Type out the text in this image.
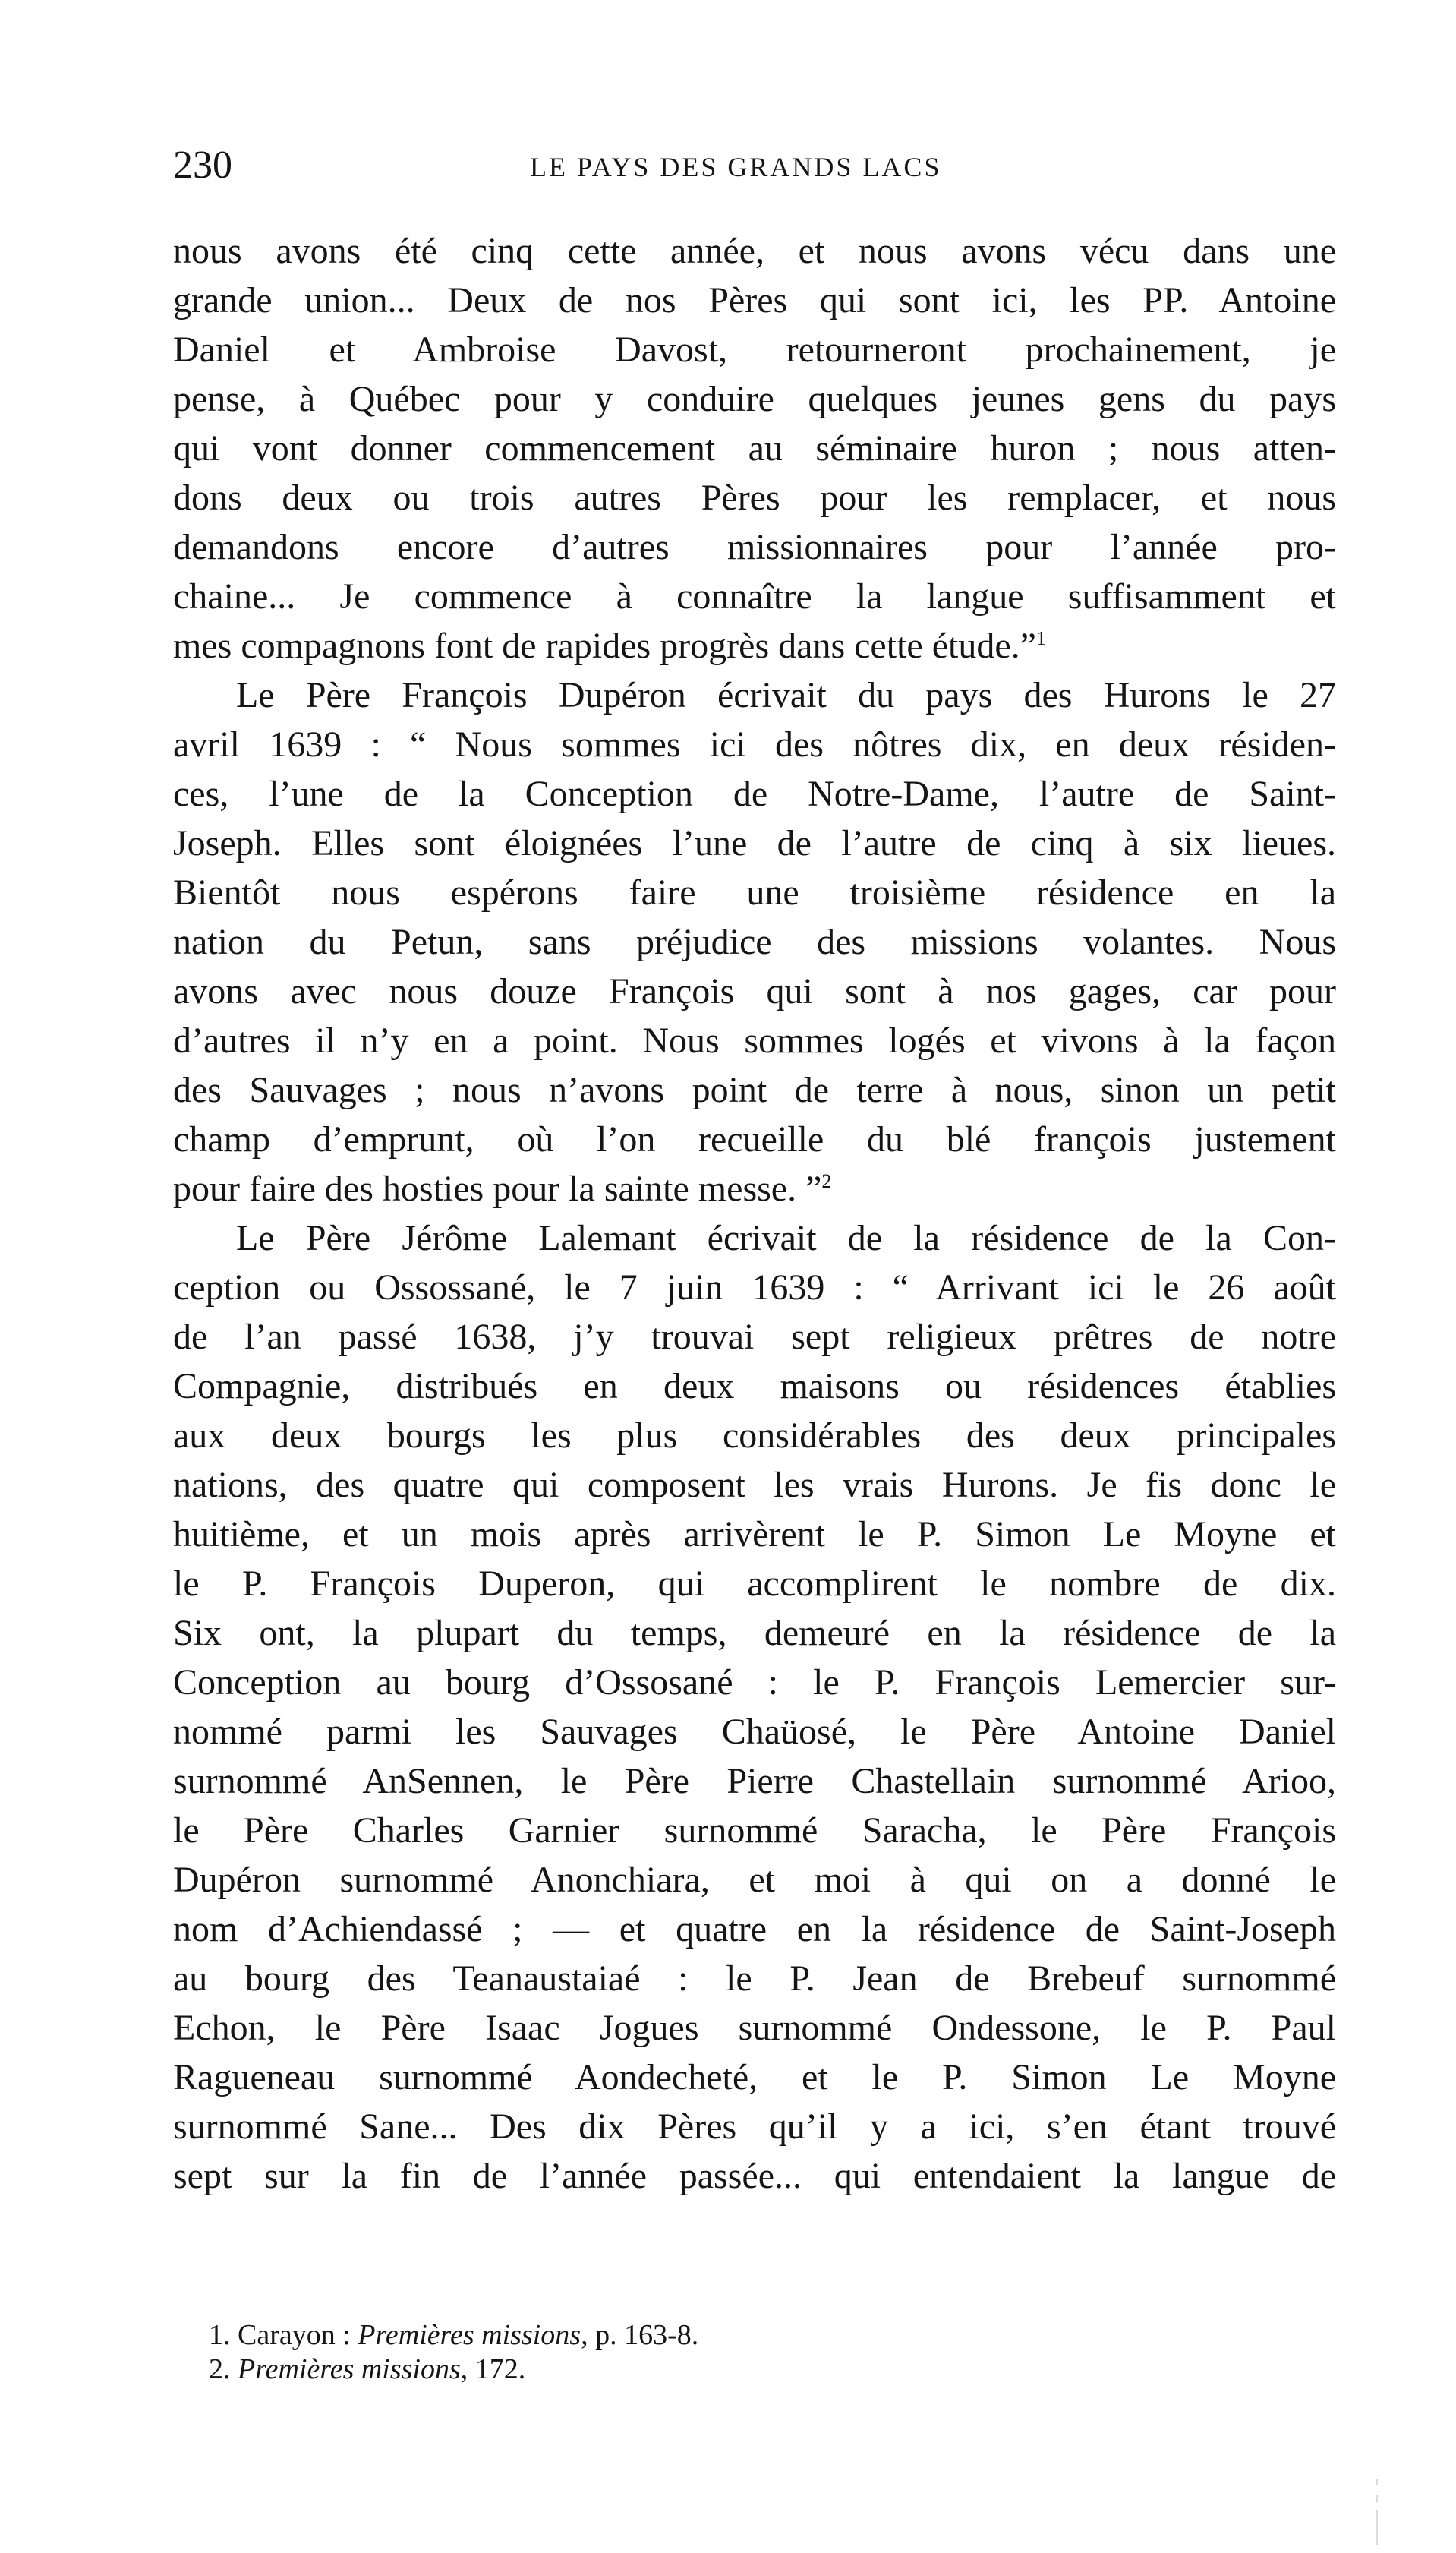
230	LE PAYS DES GRANDS LACS
nous avons été cinq cette année, et nous avons vécu dans une
grande union... Deux de nos Pères qui sont ici, les PP. Antoine
Daniel et Ambroise Davost, retourneront prochainement, je
pense, à Québec pour y conduire quelques jeunes gens du pays
qui vont donner commencement au séminaire huron ; nous atten-
dons deux ou trois autres Pères pour les remplacer, et nous
demandons encore d’autres missionnaires pour l’année pro-
chaine... Je commence à connaître la langue suffisamment et
mes compagnons font de rapides progrès dans cette étude.”$^1$
Le Père François Dupéron écrivait du pays des Hurons le 27
avril 1639 : “ Nous sommes ici des nôtres dix, en deux résiden-
ces, l’une de la Conception de Notre-Dame, l’autre de Saint-
Joseph. Elles sont éloignées l’une de l’autre de cinq à six lieues.
Bientôt nous espérons faire une troisième résidence en la
nation du Petun, sans préjudice des missions volantes. Nous
avons avec nous douze François qui sont à nos gages, car pour
d’autres il n’y en a point. Nous sommes logés et vivons à la façon
des Sauvages ; nous n’avons point de terre à nous, sinon un petit
champ d’emprunt, où l’on recueille du blé françois justement
pour faire des hosties pour la sainte messe. ”$^2$
Le Père Jérôme Lalemant écrivait de la résidence de la Con-
ception ou Ossossané, le 7 juin 1639 : “ Arrivant ici le 26 août
de l’an passé 1638, j’y trouvai sept religieux prêtres de notre
Compagnie, distribués en deux maisons ou résidences établies
aux deux bourgs les plus considérables des deux principales
nations, des quatre qui composent les vrais Hurons. Je fis donc le
huitième, et un mois après arrivèrent le P. Simon Le Moyne et
le P. François Duperon, qui accomplirent le nombre de dix.
Six ont, la plupart du temps, demeuré en la résidence de la
Conception au bourg d’Ossosané : le P. François Lemercier sur-
nommé parmi les Sauvages Chaüosé, le Père Antoine Daniel
surnommé AnSennen, le Père Pierre Chastellain surnommé Arioo,
le Père Charles Garnier surnommé Saracha, le Père François
Dupéron surnommé Anonchiara, et moi à qui on a donné le
nom d’Achiendassé ; — et quatre en la résidence de Saint-Joseph
au bourg des Teanaustaiaé : le P. Jean de Brebeuf surnommé
Echon, le Père Isaac Jogues surnommé Ondessone, le P. Paul
Ragueneau surnommé Aondecheté, et le P. Simon Le Moyne
surnommé Sane... Des dix Pères qu’il y a ici, s’en étant trouvé
sept sur la fin de l’année passée... qui entendaient la langue de
1. Carayon : Premières missions, p. 163-8.
2. Premières missions, 172.
